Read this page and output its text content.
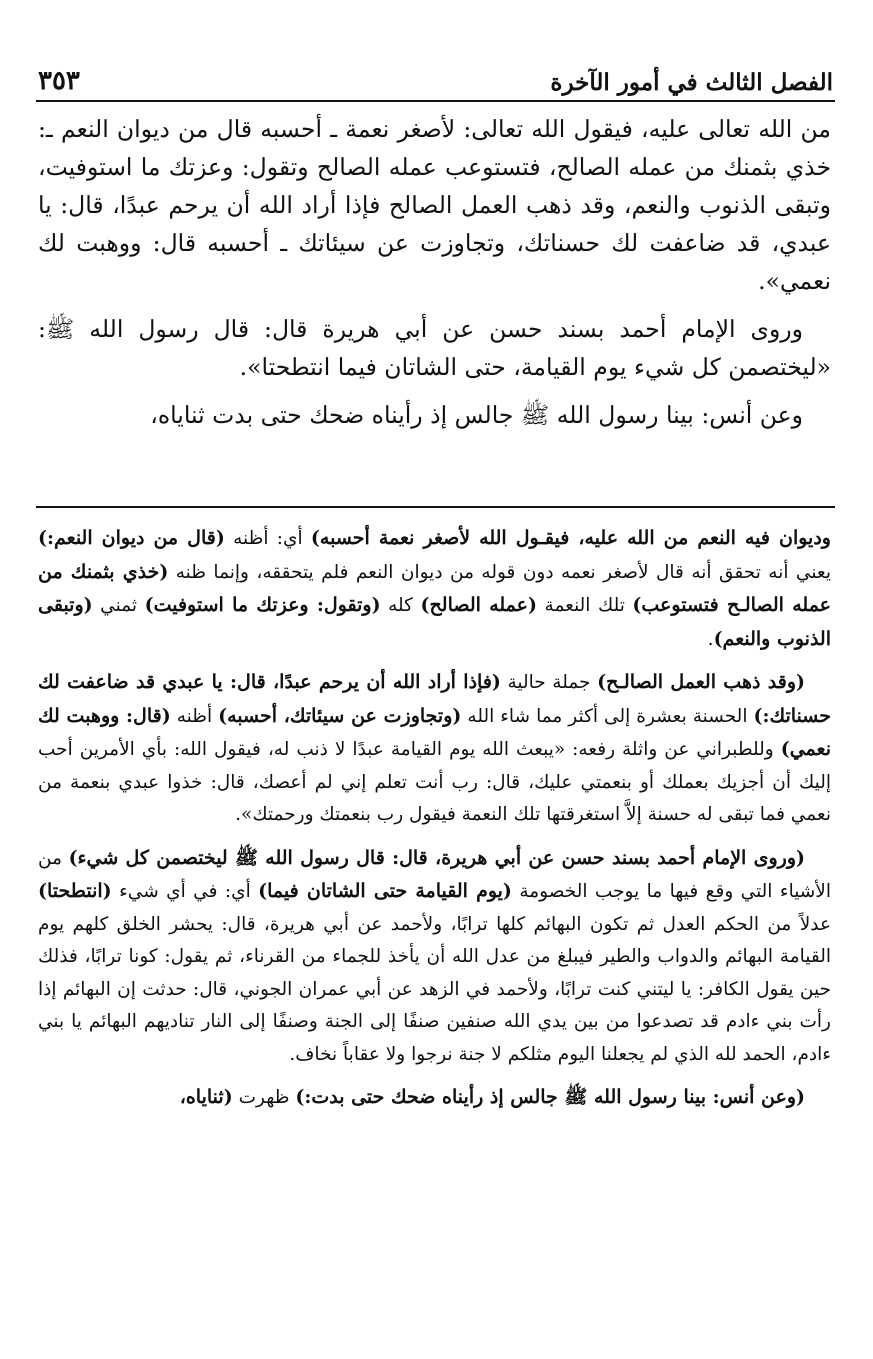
الفصل الثالث في أمور الآخرة
٣٥٣

من الله تعالى عليه، فيقول الله تعالى: لأصغر نعمة ـ أحسبه قال من ديوان النعم ـ: خذي بثمنك من عمله الصالح، فتستوعب عمله الصالح وتقول: وعزتك ما استوفيت، وتبقى الذنوب والنعم، وقد ذهب العمل الصالح فإذا أراد الله أن يرحم عبدًا، قال: يا عبدي، قد ضاعفت لك حسناتك، وتجاوزت عن سيئاتك ـ أحسبه قال: ووهبت لك نعمي».

وروى الإمام أحمد بسند حسن عن أبي هريرة قال: قال رسول الله ﷺ: «ليختصمن كل شيء يوم القيامة، حتى الشاتان فيما انتطحتا».

وعن أنس: بينا رسول الله ﷺ جالس إذ رأيناه ضحك حتى بدت ثناياه،

وديوان فيه النعم من الله عليه، فيقـول الله لأصغر نعمة أحسبه) أي: أظنه (قال من ديوان النعم:) يعني أنه تحقق أنه قال لأصغر نعمه دون قوله من ديوان النعم فلم يتحققه، وإنما ظنه (خذي بثمنك من عمله الصالـح فتستوعب) تلك النعمة (عمله الصالح) كله (وتقول: وعزتك ما استوفيت) ثمني (وتبقى الذنوب والنعم).

(وقد ذهب العمل الصالـح) جملة حالية (فإذا أراد الله أن يرحم عبدًا، قال: يا عبدي قد ضاعفت لك حسناتك:) الحسنة بعشرة إلى أكثر مما شاء الله (وتجاوزت عن سيئاتك، أحسبه) أظنه (قال: ووهبت لك نعمي) وللطبراني عن واثلة رفعه: «يبعث الله يوم القيامة عبدًا لا ذنب له، فيقول الله: بأي الأمرين أحب إليك أن أجزيك بعملك أو بنعمتي عليك، قال: رب أنت تعلم إني لم أعصك، قال: خذوا عبدي بنعمة من نعمي فما تبقى له حسنة إلاَّ استغرقتها تلك النعمة فيقول رب بنعمتك ورحمتك».

(وروى الإمام أحمد بسند حسن عن أبي هريرة، قال: قال رسول الله ﷺ ليختصمن كل شيء) من الأشياء التي وقع فيها ما يوجب الخصومة (يوم القيامة حتى الشاتان فيما) أي: في أي شيء (انتطحتا) عدلاً من الحكم العدل ثم تكون البهائم كلها ترابًا، ولأحمد عن أبي هريرة، قال: يحشر الخلق كلهم يوم القيامة البهائم والدواب والطير فيبلغ من عدل الله أن يأخذ للجماء من القرناء، ثم يقول: كونا ترابًا، فذلك حين يقول الكافر: يا ليتني كنت ترابًا، ولأحمد في الزهد عن أبي عمران الجوني، قال: حدثت إن البهائم إذا رأت بني ءادم قد تصدعوا من بين يدي الله صنفين صنفًا إلى الجنة وصنفًا إلى النار تناديهم البهائم يا بني ءادم، الحمد لله الذي لم يجعلنا اليوم مثلكم لا جنة نرجوا ولا عقاباً نخاف.

(وعن أنس: بينا رسول الله ﷺ جالس إذ رأيناه ضحك حتى بدت:) ظهرت (ثناياه،
